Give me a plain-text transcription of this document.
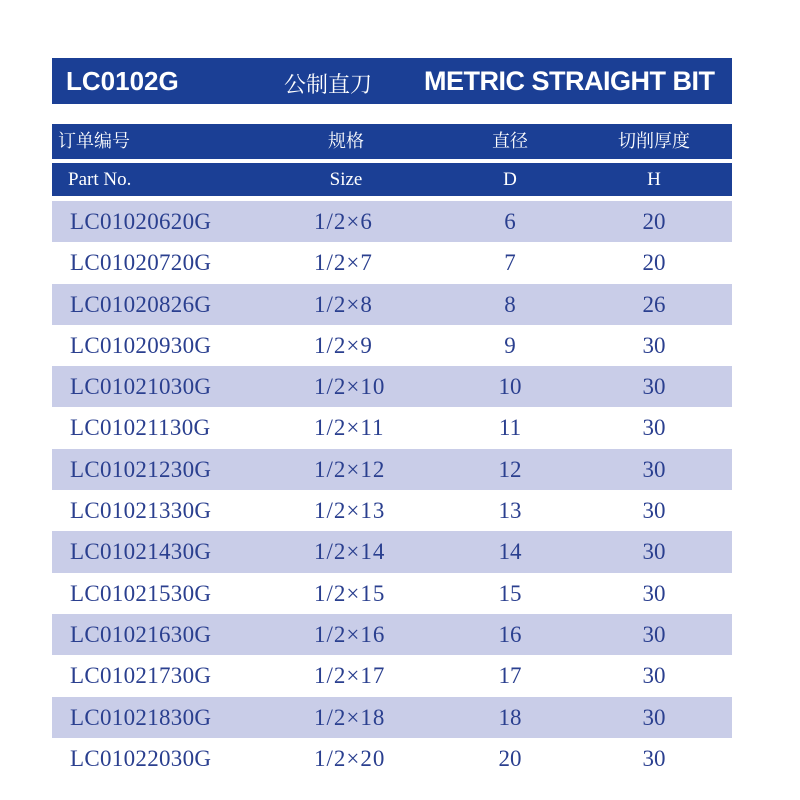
LC0102G	公制直刀 METRIC STRAIGHT BIT
订单编号	规格	直径	切削厚度
Part No.	Size	D	H
LC01020620G	1/2×6	6	20
LC01020720G	1/2×7	7	20
LC01020826G	1/2×8	8	26
LC01020930G	1/2×9	9	30
LC01021030G	1/2×10	10	30
LC01021130G	1/2×11	11	30
LC01021230G	1/2×12	12	30
LC01021330G	1/2×13	13	30
LC01021430G	1/2×14	14	30
LC01021530G	1/2×15	15	30
LC01021630G	1/2×16	16	30
LC01021730G	1/2×17	17	30
LC01021830G	1/2×18	18	30
LC01022030G	1/2×20	20	30
